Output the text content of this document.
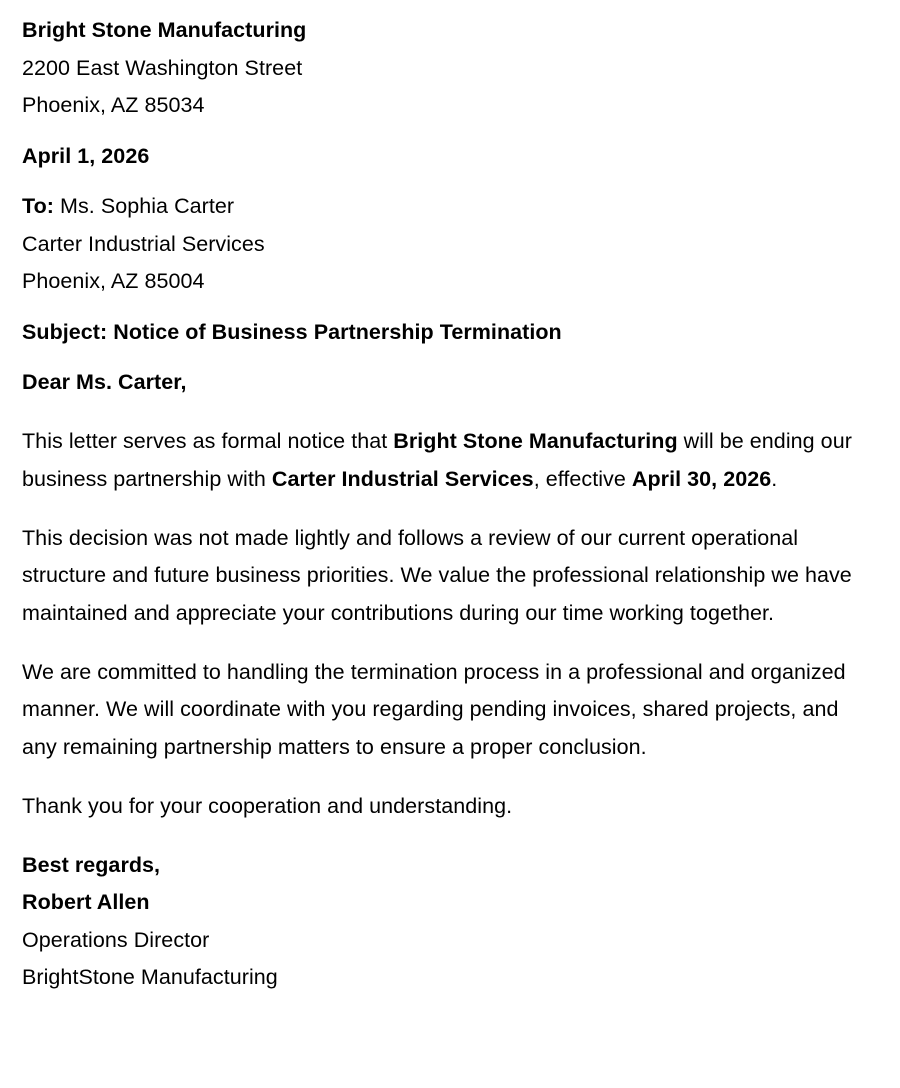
Bright Stone Manufacturing
2200 East Washington Street
Phoenix, AZ 85034
April 1, 2026
To: Ms. Sophia Carter
Carter Industrial Services
Phoenix, AZ 85004
Subject: Notice of Business Partnership Termination
Dear Ms. Carter,

This letter serves as formal notice that Bright Stone Manufacturing will be ending our business partnership with Carter Industrial Services, effective April 30, 2026.

This decision was not made lightly and follows a review of our current operational structure and future business priorities. We value the professional relationship we have maintained and appreciate your contributions during our time working together.

We are committed to handling the termination process in a professional and organized manner. We will coordinate with you regarding pending invoices, shared projects, and any remaining partnership matters to ensure a proper conclusion.

Thank you for your cooperation and understanding.

Best regards,
Robert Allen
Operations Director
BrightStone Manufacturing
